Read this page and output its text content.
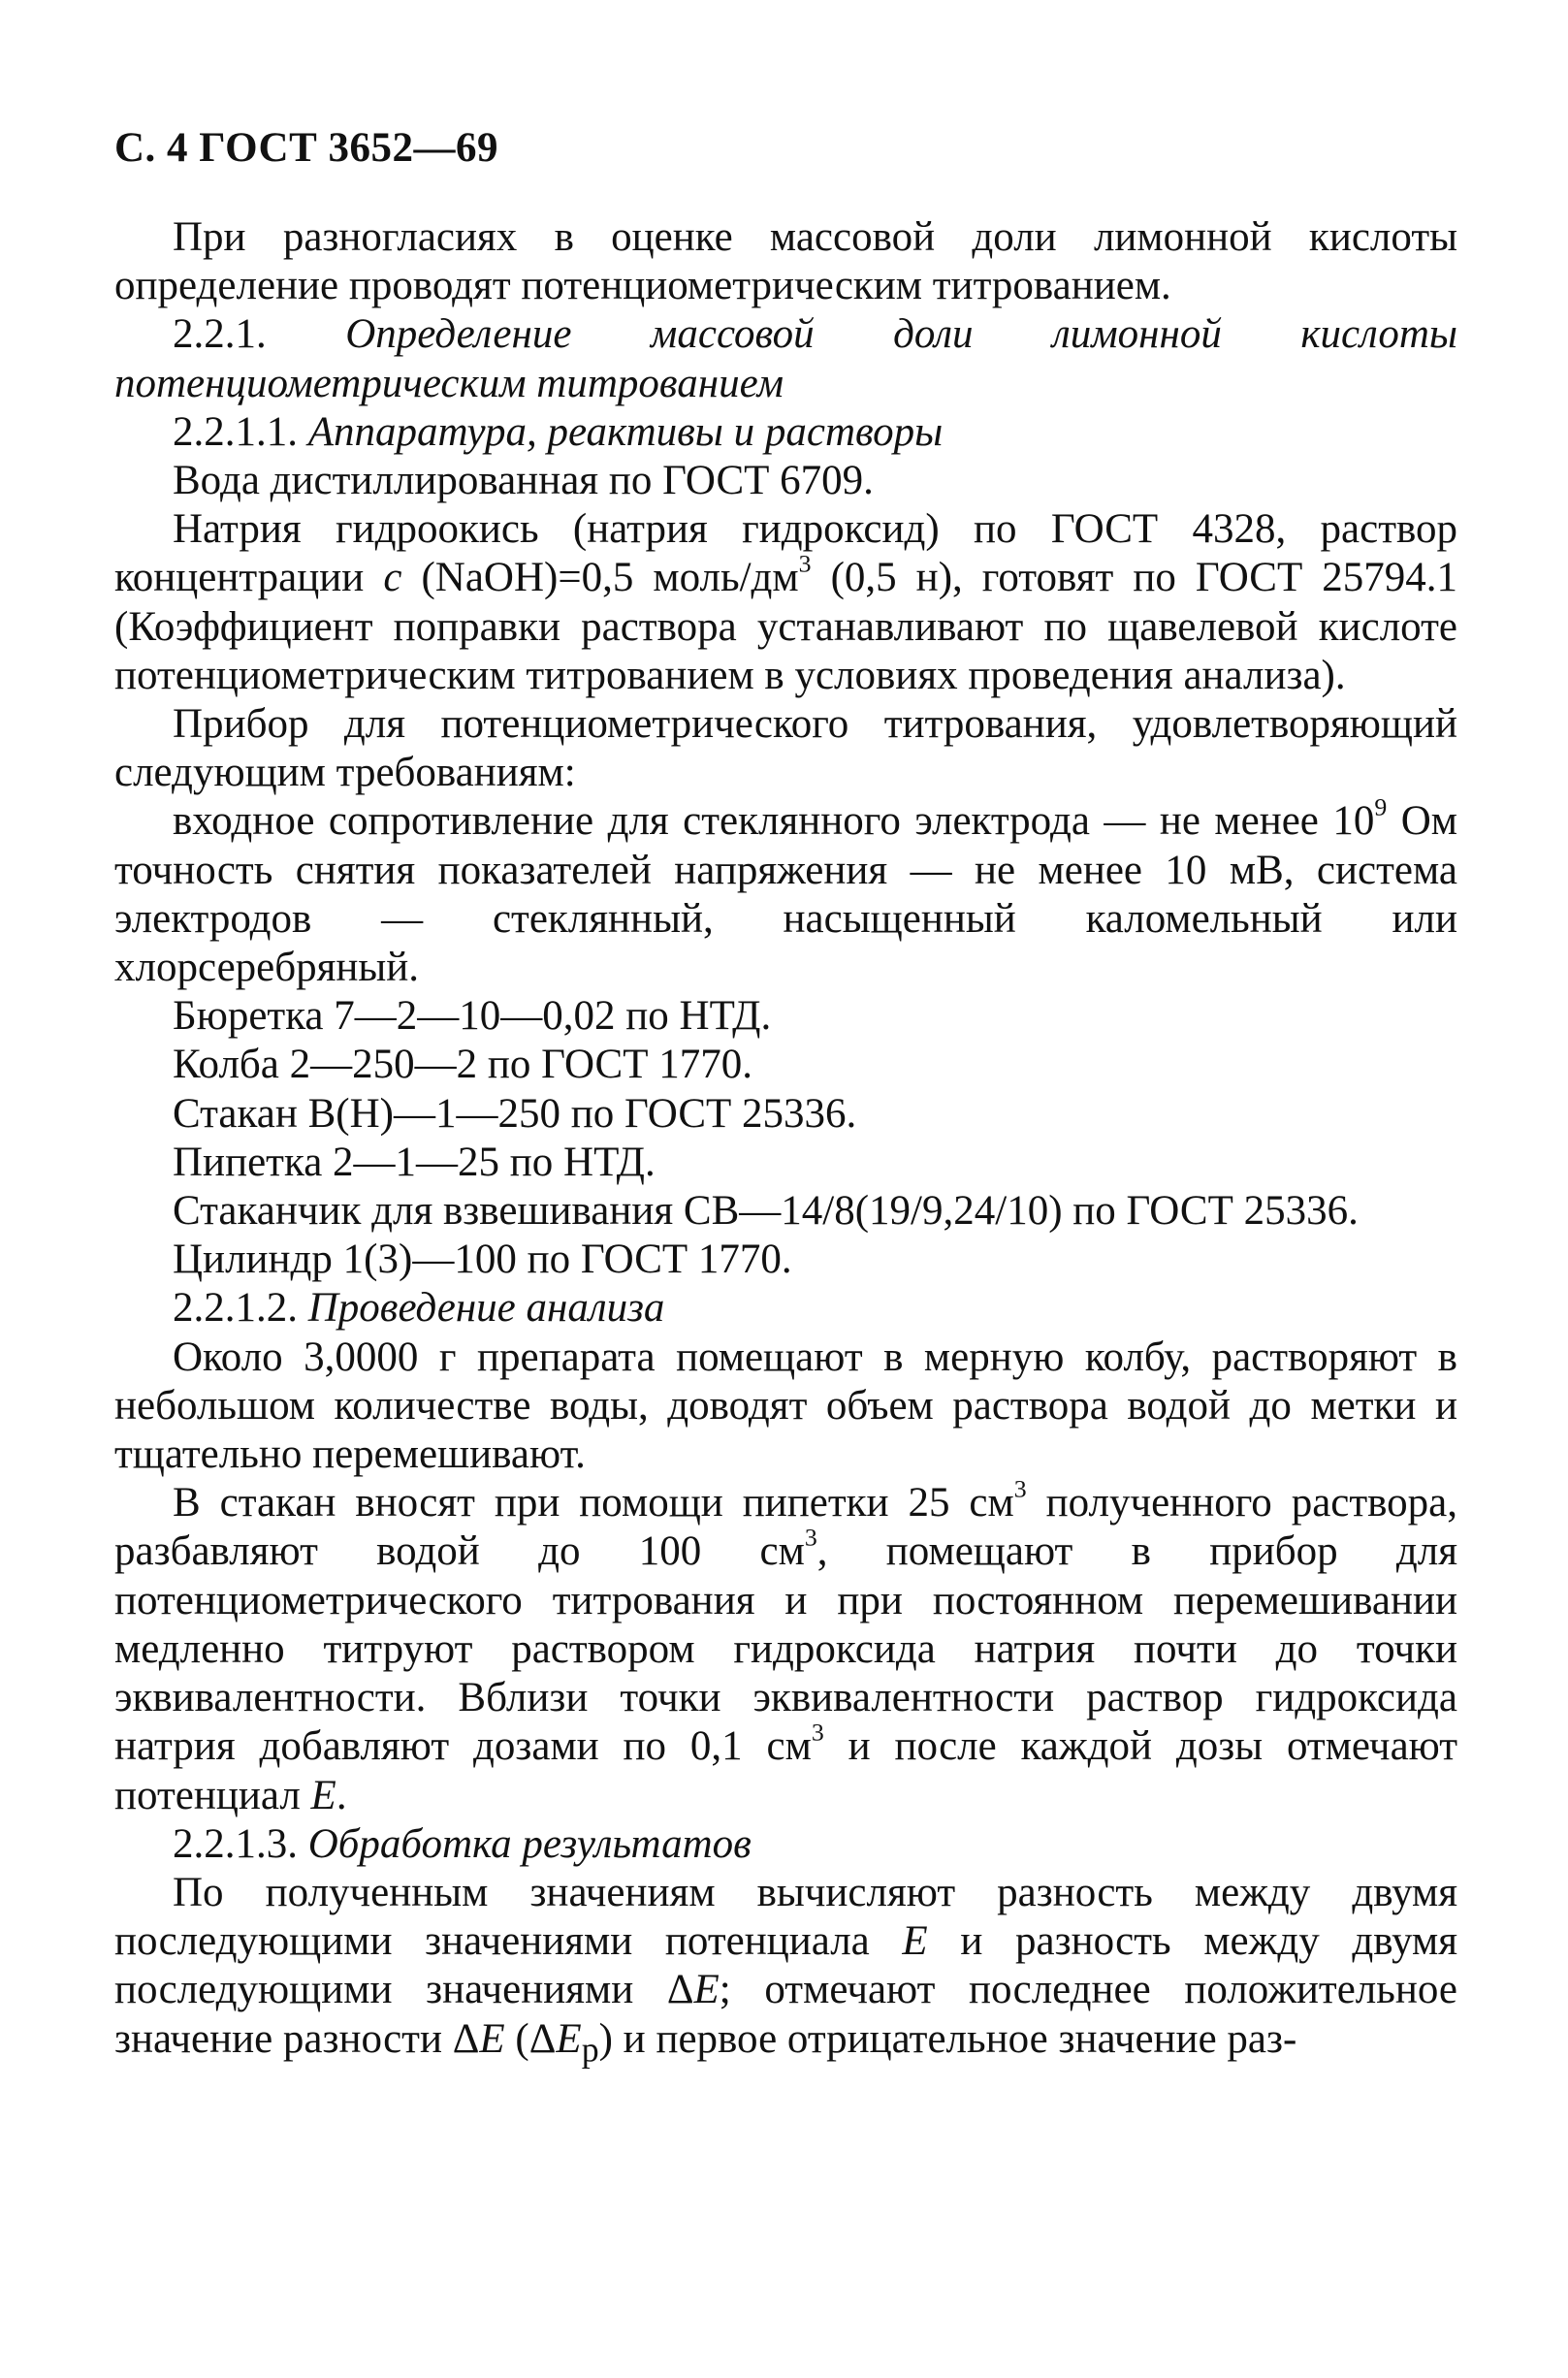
С. 4 ГОСТ 3652—69

При разногласиях в оценке массовой доли лимонной кислоты определение проводят потенциометрическим титрованием.

2.2.1. Определение массовой доли лимонной кислоты потенциометрическим титрованием

2.2.1.1. Аппаратура, реактивы и растворы

Вода дистиллированная по ГОСТ 6709.

Натрия гидроокись (натрия гидроксид) по ГОСТ 4328, раствор концентрации c (NaOH)=0,5 моль/$дм^3$ (0,5 н), готовят по ГОСТ 25794.1 (Коэффициент поправки раствора устанавливают по щавелевой кислоте потенциометрическим титрованием в условиях проведения анализа).

Прибор для потенциометрического титрования, удовлетворяющий следующим требованиям:

входное сопротивление для стеклянного электрода — не менее $10^9$ Ом точность снятия показателей напряжения — не менее 10 мВ, система электродов — стеклянный, насыщенный каломельный или хлорсеребряный.

Бюретка 7—2—10—0,02 по НТД.

Колба 2—250—2 по ГОСТ 1770.

Стакан В(Н)—1—250 по ГОСТ 25336.

Пипетка 2—1—25 по НТД.

Стаканчик для взвешивания СВ—14/8(19/9,24/10) по ГОСТ 25336.

Цилиндр 1(3)—100 по ГОСТ 1770.

2.2.1.2. Проведение анализа

Около 3,0000 г препарата помещают в мерную колбу, растворяют в небольшом количестве воды, доводят объем раствора водой до метки и тщательно перемешивают.

В стакан вносят при помощи пипетки 25 $см^3$ полученного раствора, разбавляют водой до 100 $см^3$, помещают в прибор для потенциометрического титрования и при постоянном перемешивании медленно титруют раствором гидроксида натрия почти до точки эквивалентности. Вблизи точки эквивалентности раствор гидроксида натрия добавляют дозами по 0,1 $см^3$ и после каждой дозы отмечают потенциал E.

2.2.1.3. Обработка результатов

По полученным значениям вычисляют разность между двумя последующими значениями потенциала E и разность между двумя последующими значениями ΔE; отмечают последнее положительное значение разности ΔE $(\Delta E_р)$ и первое отрицательное значение раз-
